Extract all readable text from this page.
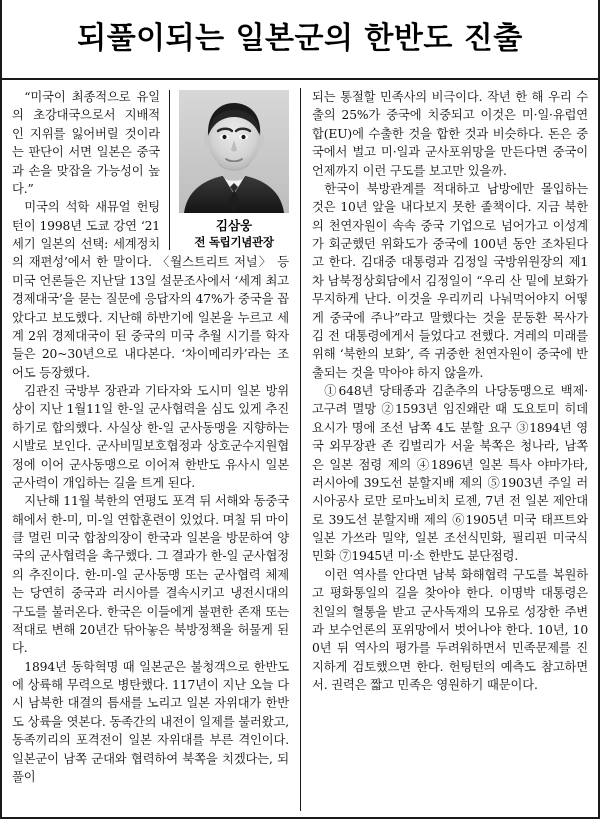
되풀이되는 일본군의 한반도 진출
김삼웅
전 독립기념관장

“미국이 최종적으로 유일의 초강대국으로서 지배적인 지위를 잃어버릴 것이라는 판단이 서면 일본은 중국과 손을 맞잡을 가능성이 높다.”

미국의 석학 새뮤얼 헌팅턴이 1998년 도쿄 강연 ‘21세기 일본의 선택: 세계정치의 재편성’에서 한 말이다. 〈월스트리트 저널〉 등 미국 언론들은 지난달 13일 설문조사에서 ‘세계 최고 경제대국’을 묻는 질문에 응답자의 47%가 중국을 꼽았다고 보도했다. 지난해 하반기에 일본을 누르고 세계 2위 경제대국이 된 중국의 미국 추월 시기를 학자들은 20~30년으로 내다본다. ‘차이메리카’라는 조어도 등장했다.

김관진 국방부 장관과 기타자와 도시미 일본 방위상이 지난 1월11일 한-일 군사협력을 심도 있게 추진하기로 합의했다. 사실상 한-일 군사동맹을 지향하는 시발로 보인다. 군사비밀보호협정과 상호군수지원협정에 이어 군사동맹으로 이어져 한반도 유사시 일본 군사력이 개입하는 길을 트게 된다.

지난해 11월 북한의 연평도 포격 뒤 서해와 동중국해에서 한-미, 미-일 연합훈련이 있었다. 며칠 뒤 마이클 멀린 미국 합참의장이 한국과 일본을 방문하여 양국의 군사협력을 촉구했다. 그 결과가 한-일 군사협정의 추진이다. 한-미-일 군사동맹 또는 군사협력 체제는 당연히 중국과 러시아를 결속시키고 냉전시대의 구도를 불러온다. 한국은 이들에게 불편한 존재 또는 적대로 변해 20년간 닦아놓은 북방정책을 허물게 된다.

1894년 동학혁명 때 일본군은 불청객으로 한반도에 상륙해 무력으로 병탄했다. 117년이 지난 오늘 다시 남북한 대결의 틈새를 노리고 일본 자위대가 한반도 상륙을 엿본다. 동족간의 내전이 일제를 불러왔고, 동족끼리의 포격전이 일본 자위대를 부른 격인이다. 일본군이 남쪽 군대와 협력하여 북쪽을 치겠다는, 되풀이

되는 통절할 민족사의 비극이다. 작년 한 해 우리 수출의 25%가 중국에 치중되고 이것은 미·일·유럽연합(EU)에 수출한 것을 합한 것과 비슷하다. 돈은 중국에서 벌고 미·일과 군사포위망을 만든다면 중국이 언제까지 이런 구도를 보고만 있을까.

한국이 북방관계를 적대하고 남방에만 몰입하는 것은 10년 앞을 내다보지 못한 졸책이다. 지금 북한의 천연자원이 속속 중국 기업으로 넘어가고 이성계가 회군했던 위화도가 중국에 100년 동안 조차된다고 한다. 김대중 대통령과 김정일 국방위원장의 제1차 남북정상회담에서 김정일이 “우리 산 밑에 보화가 무지하게 난다. 이것을 우리끼리 나눠먹어야지 어떻게 중국에 주나”라고 말했다는 것을 문동환 목사가 김 전 대통령에게서 들었다고 전했다. 겨레의 미래를 위해 ‘북한의 보화’, 즉 귀중한 천연자원이 중국에 반출되는 것을 막아야 하지 않을까.

①648년 당태종과 김춘추의 나당동맹으로 백제·고구려 멸망 ②1593년 임진왜란 때 도요토미 히데요시가 명에 조선 남쪽 4도 분할 요구 ③1894년 영국 외무장관 존 킴벌리가 서울 북쪽은 청나라, 남쪽은 일본 점령 제의 ④1896년 일본 특사 야마가타, 러시아에 39도선 분할지배 제의 ⑤1903년 주일 러시아공사 로만 로마노비치 로젠, 7년 전 일본 제안대로 39도선 분할지배 제의 ⑥1905년 미국 태프트와 일본 가쓰라 밀약, 일본 조선식민화, 필리핀 미국식민화 ⑦1945년 미·소 한반도 분단점령.

이런 역사를 안다면 남북 화해협력 구도를 복원하고 평화통일의 길을 찾아야 한다. 이명박 대통령은 친일의 혈통을 받고 군사독재의 모유로 성장한 주변과 보수언론의 포위망에서 벗어나야 한다. 10년, 100년 뒤 역사의 평가를 두려워하면서 민족문제를 진지하게 검토했으면 한다. 헌팅턴의 예측도 참고하면서. 권력은 짧고 민족은 영원하기 때문이다.
